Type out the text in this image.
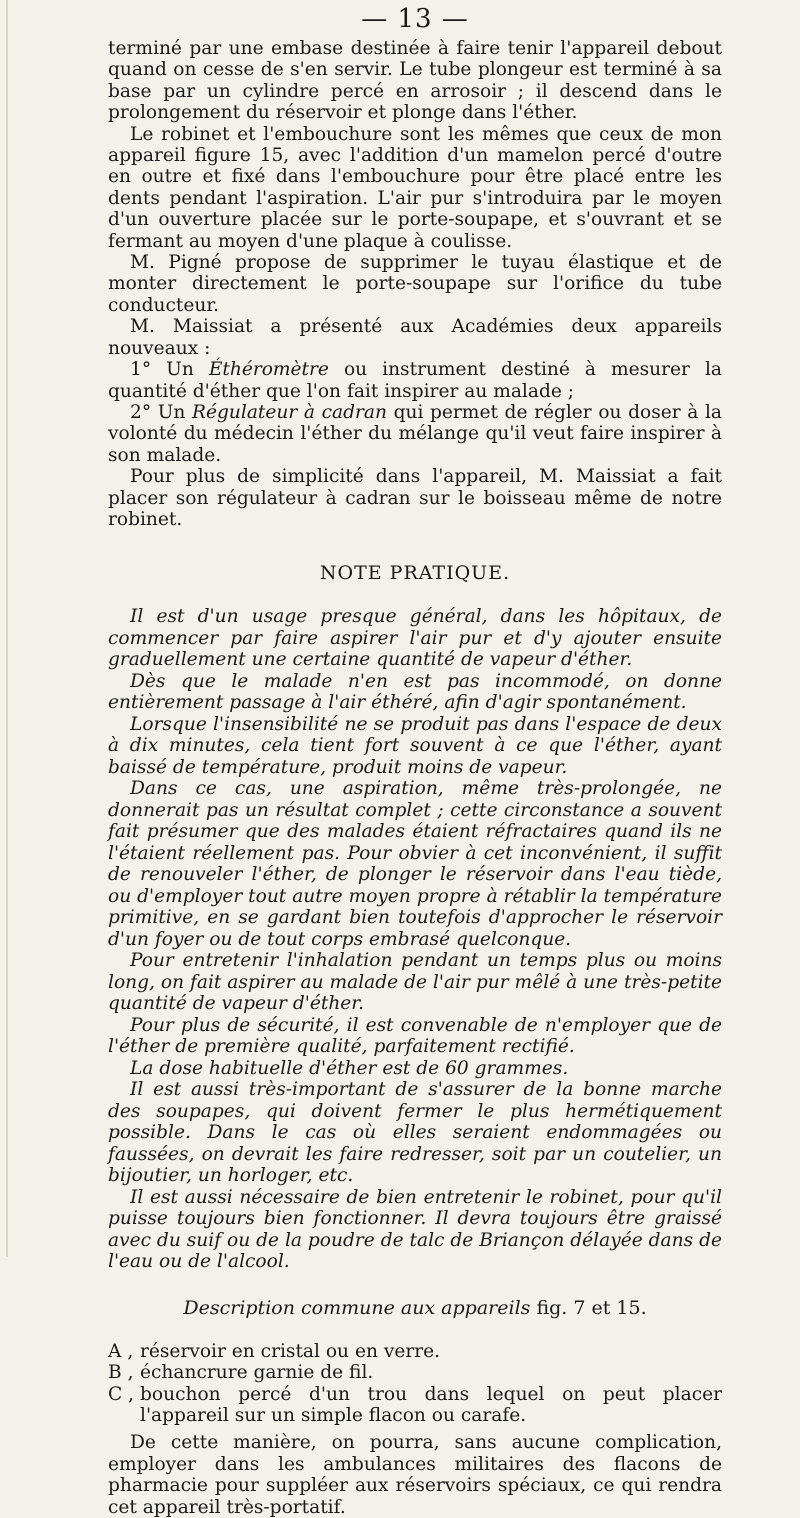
— 13 —

terminé par une embase destinée à faire tenir l'appareil debout quand on cesse de s'en servir. Le tube plongeur est terminé à sa base par un cylindre percé en arrosoir ; il descend dans le prolongement du réservoir et plonge dans l'éther.

Le robinet et l'embouchure sont les mêmes que ceux de mon appareil figure 15, avec l'addition d'un mamelon percé d'outre en outre et fixé dans l'embouchure pour être placé entre les dents pendant l'aspiration. L'air pur s'introduira par le moyen d'un ouverture placée sur le porte-soupape, et s'ouvrant et se fermant au moyen d'une plaque à coulisse.

M. Pigné propose de supprimer le tuyau élastique et de monter directement le porte-soupape sur l'orifice du tube conducteur.

M. Maissiat a présenté aux Académies deux appareils nouveaux :

1° Un Éthéromètre ou instrument destiné à mesurer la quantité d'éther que l'on fait inspirer au malade ;

2° Un Régulateur à cadran qui permet de régler ou doser à la volonté du médecin l'éther du mélange qu'il veut faire inspirer à son malade.

Pour plus de simplicité dans l'appareil, M. Maissiat a fait placer son régulateur à cadran sur le boisseau même de notre robinet.

NOTE PRATIQUE.

Il est d'un usage presque général, dans les hôpitaux, de commencer par faire aspirer l'air pur et d'y ajouter ensuite graduellement une certaine quantité de vapeur d'éther.

Dès que le malade n'en est pas incommodé, on donne entièrement passage à l'air éthéré, afin d'agir spontanément.

Lorsque l'insensibilité ne se produit pas dans l'espace de deux à dix minutes, cela tient fort souvent à ce que l'éther, ayant baissé de température, produit moins de vapeur.

Dans ce cas, une aspiration, même très-prolongée, ne donnerait pas un résultat complet ; cette circonstance a souvent fait présumer que des malades étaient réfractaires quand ils ne l'étaient réellement pas. Pour obvier à cet inconvénient, il suffit de renouveler l'éther, de plonger le réservoir dans l'eau tiède, ou d'employer tout autre moyen propre à rétablir la température primitive, en se gardant bien toutefois d'approcher le réservoir d'un foyer ou de tout corps embrasé quelconque.

Pour entretenir l'inhalation pendant un temps plus ou moins long, on fait aspirer au malade de l'air pur mêlé à une très-petite quantité de vapeur d'éther.

Pour plus de sécurité, il est convenable de n'employer que de l'éther de première qualité, parfaitement rectifié.

La dose habituelle d'éther est de 60 grammes.

Il est aussi très-important de s'assurer de la bonne marche des soupapes, qui doivent fermer le plus hermétiquement possible. Dans le cas où elles seraient endommagées ou faussées, on devrait les faire redresser, soit par un coutelier, un bijoutier, un horloger, etc.

Il est aussi nécessaire de bien entretenir le robinet, pour qu'il puisse toujours bien fonctionner. Il devra toujours être graissé avec du suif ou de la poudre de talc de Briançon délayée dans de l'eau ou de l'alcool.

Description commune aux appareils fig. 7 et 15.
A , réservoir en cristal ou en verre.
B , échancrure garnie de fil.
C , bouchon percé d'un trou dans lequel on peut placer l'appareil sur un simple flacon ou carafe.

De cette manière, on pourra, sans aucune complication, employer dans les ambulances militaires des flacons de pharmacie pour suppléer aux réservoirs spéciaux, ce qui rendra cet appareil très-portatif.
